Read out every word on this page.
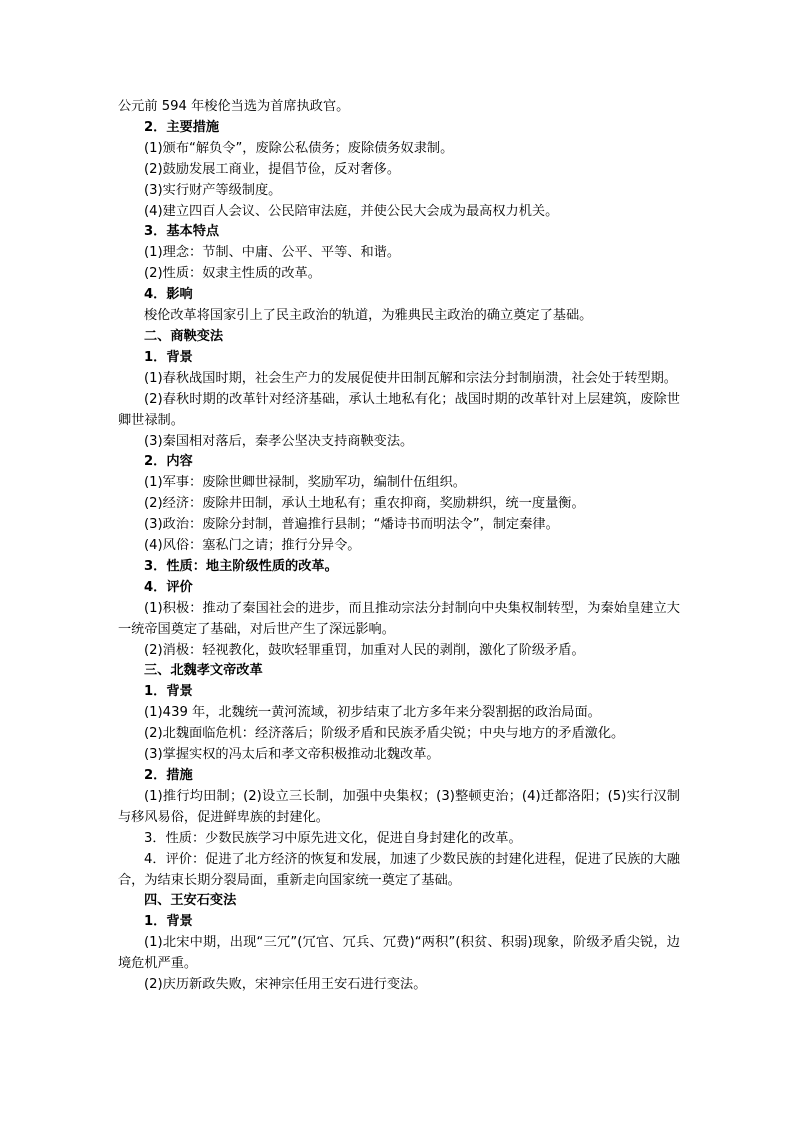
公元前 594 年梭伦当选为首席执政官。

2．主要措施

(1)颁布“解负令”，废除公私债务；废除债务奴隶制。

(2)鼓励发展工商业，提倡节俭，反对奢侈。

(3)实行财产等级制度。

(4)建立四百人会议、公民陪审法庭，并使公民大会成为最高权力机关。

3．基本特点

(1)理念：节制、中庸、公平、平等、和谐。

(2)性质：奴隶主性质的改革。

4．影响

梭伦改革将国家引上了民主政治的轨道，为雅典民主政治的确立奠定了基础。

二、商鞅变法

1．背景

(1)春秋战国时期，社会生产力的发展促使井田制瓦解和宗法分封制崩溃，社会处于转型期。

(2)春秋时期的改革针对经济基础，承认土地私有化；战国时期的改革针对上层建筑，废除世卿世禄制。

(3)秦国相对落后，秦孝公坚决支持商鞅变法。

2．内容

(1)军事：废除世卿世禄制，奖励军功，编制什伍组织。

(2)经济：废除井田制，承认土地私有；重农抑商，奖励耕织，统一度量衡。

(3)政治：废除分封制，普遍推行县制；“燔诗书而明法令”，制定秦律。

(4)风俗：塞私门之请；推行分异令。

3．性质：地主阶级性质的改革。

4．评价

(1)积极：推动了秦国社会的进步，而且推动宗法分封制向中央集权制转型，为秦始皇建立大一统帝国奠定了基础，对后世产生了深远影响。

(2)消极：轻视教化，鼓吹轻罪重罚，加重对人民的剥削，激化了阶级矛盾。

三、北魏孝文帝改革

1．背景

(1)439 年，北魏统一黄河流域，初步结束了北方多年来分裂割据的政治局面。

(2)北魏面临危机：经济落后；阶级矛盾和民族矛盾尖锐；中央与地方的矛盾激化。

(3)掌握实权的冯太后和孝文帝积极推动北魏改革。

2．措施

(1)推行均田制；(2)设立三长制，加强中央集权；(3)整顿吏治；(4)迁都洛阳；(5)实行汉制与移风易俗，促进鲜卑族的封建化。

3．性质：少数民族学习中原先进文化，促进自身封建化的改革。

4．评价：促进了北方经济的恢复和发展，加速了少数民族的封建化进程，促进了民族的大融合，为结束长期分裂局面，重新走向国家统一奠定了基础。

四、王安石变法

1．背景

(1)北宋中期，出现“三冗”(冗官、冗兵、冗费)“两积”(积贫、积弱)现象，阶级矛盾尖锐，边境危机严重。

(2)庆历新政失败，宋神宗任用王安石进行变法。
